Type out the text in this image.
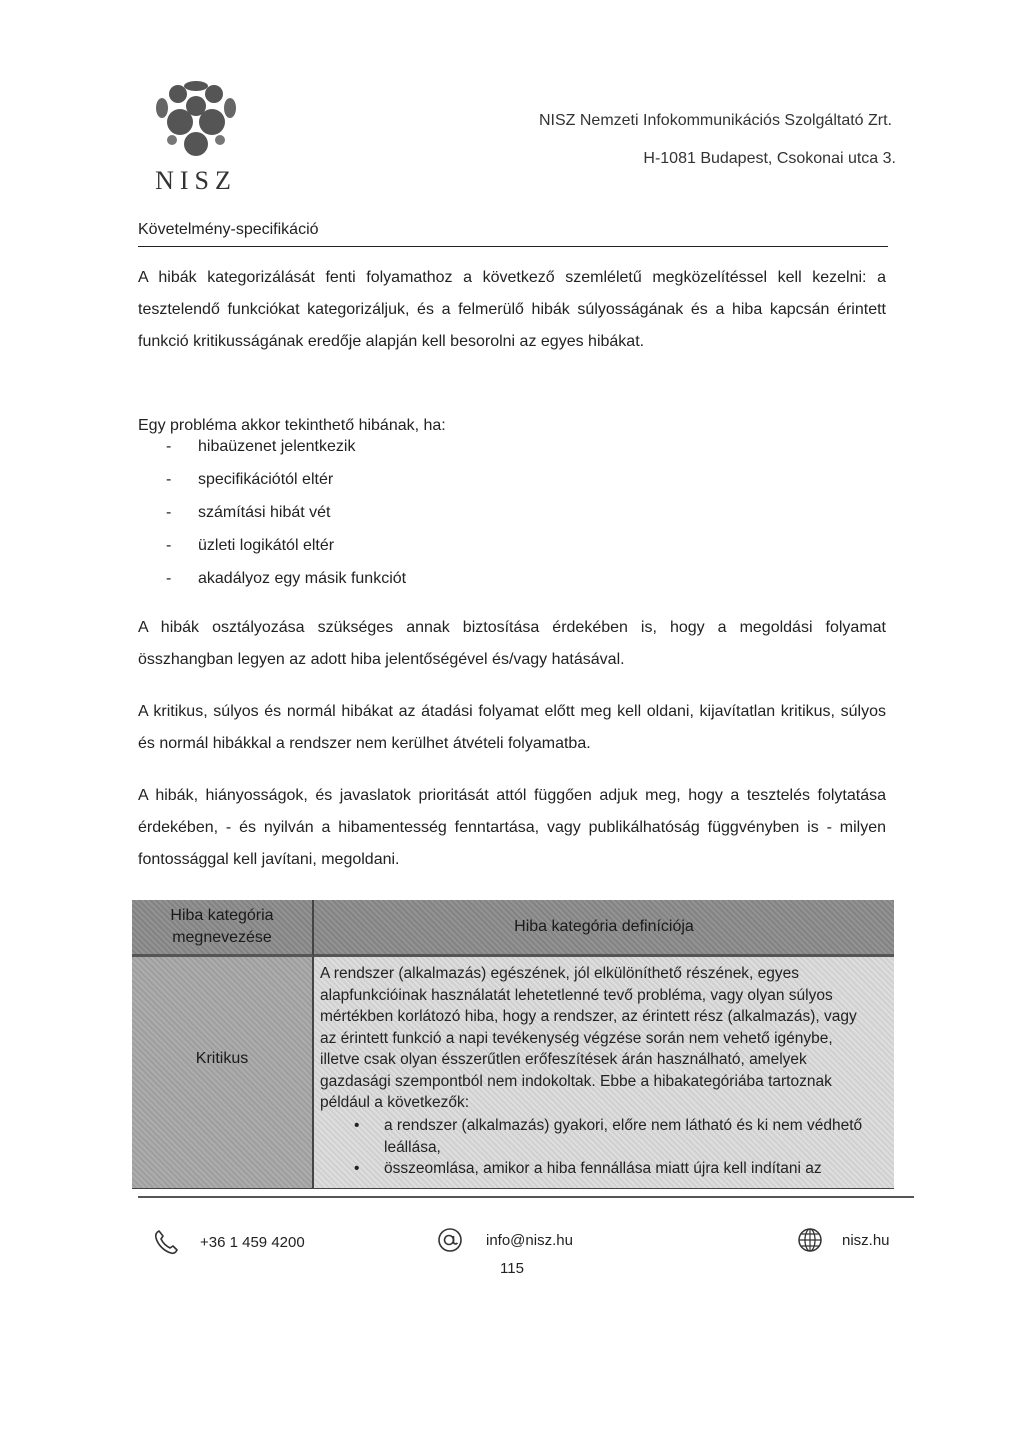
NISZ
NISZ Nemzeti Infokommunikációs Szolgáltató Zrt.
H-1081 Budapest, Csokonai utca 3.
Követelmény-specifikáció
A hibák kategorizálását fenti folyamathoz a következő szemléletű megközelítéssel kell kezelni: a tesztelendő funkciókat kategorizáljuk, és a felmerülő hibák súlyosságának és a hiba kapcsán érintett funkció kritikusságának eredője alapján kell besorolni az egyes hibákat.
Egy probléma akkor tekinthető hibának, ha:
- hibaüzenet jelentkezik
- specifikációtól eltér
- számítási hibát vét
- üzleti logikától eltér
- akadályoz egy másik funkciót
A hibák osztályozása szükséges annak biztosítása érdekében is, hogy a megoldási folyamat összhangban legyen az adott hiba jelentőségével és/vagy hatásával.
A kritikus, súlyos és normál hibákat az átadási folyamat előtt meg kell oldani, kijavítatlan kritikus, súlyos és normál hibákkal a rendszer nem kerülhet átvételi folyamatba.
A hibák, hiányosságok, és javaslatok prioritását attól függően adjuk meg, hogy a tesztelés folytatása érdekében, - és nyilván a hibamentesség fenntartása, vagy publikálhatóság függvényben is - milyen fontossággal kell javítani, megoldani.
Hiba kategória megnevezése
Hiba kategória definíciója
Kritikus
A rendszer (alkalmazás) egészének, jól elkülöníthető részének, egyes alapfunkcióinak használatát lehetetlenné tevő probléma, vagy olyan súlyos mértékben korlátozó hiba, hogy a rendszer, az érintett rész (alkalmazás), vagy az érintett funkció a napi tevékenység végzése során nem vehető igénybe, illetve csak olyan ésszerűtlen erőfeszítések árán használható, amelyek gazdasági szempontból nem indokoltak. Ebbe a hibakategóriába tartoznak például a következők:
• a rendszer (alkalmazás) gyakori, előre nem látható és ki nem védhető leállása,
• összeomlása, amikor a hiba fennállása miatt újra kell indítani az
+36 1 459 4200	info@nisz.hu	nisz.hu
115
